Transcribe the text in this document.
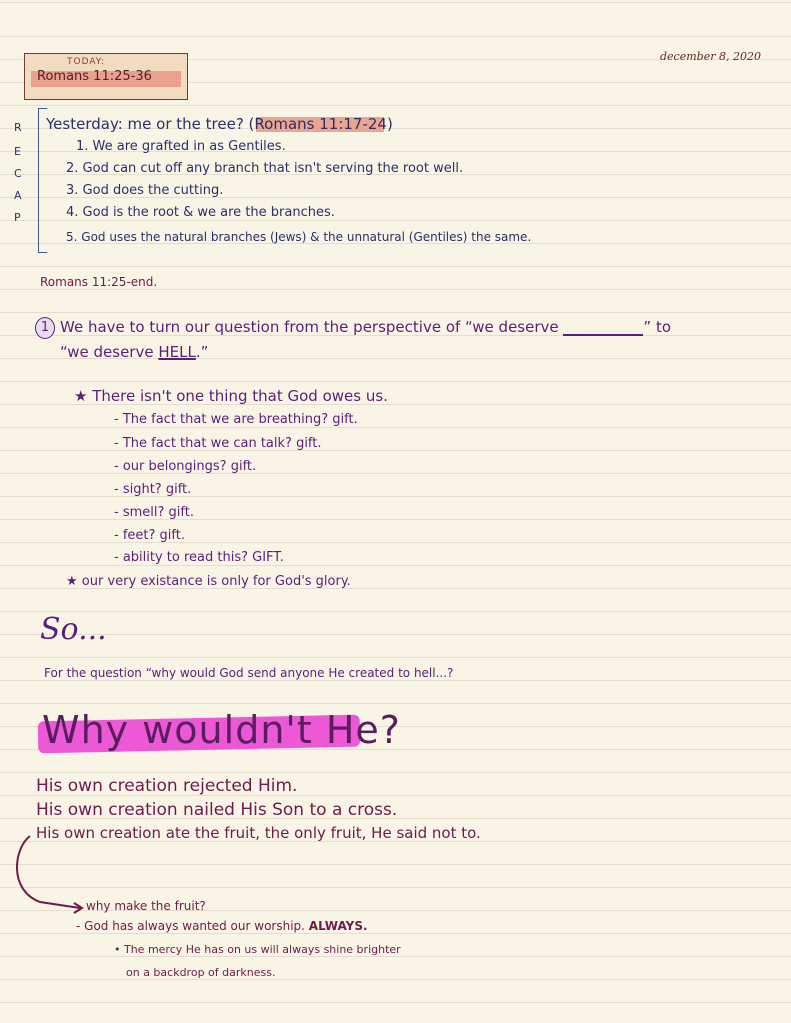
TODAY:
Romans 11:25-36
december 8, 2020
R
E
C
A
P
Yesterday: me or the tree? (Romans 11:17-24)
1. We are grafted in as Gentiles.
2. God can cut off any branch that isn't serving the root well.
3. God does the cutting.
4. God is the root & we are the branches.
5. God uses the natural branches (Jews) & the unnatural (Gentiles) the same.
Romans 11:25-end.
1 We have to turn our question from the perspective of “we deserve	” to
“we deserve HELL.”
★ There isn't one thing that God owes us.
- The fact that we are breathing? gift.
- The fact that we can talk? gift.
- our belongings? gift.
- sight? gift.
- smell? gift.
- feet? gift.
- ability to read this? GIFT.
★ our very existance is only for God's glory.
So...
For the question “why would God send anyone He created to hell...?
Why wouldn't He?
His own creation rejected Him.
His own creation nailed His Son to a cross.
His own creation ate the fruit, the only fruit, He said not to.
why make the fruit?
- God has always wanted our worship. ALWAYS.
• The mercy He has on us will always shine brighter
on a backdrop of darkness.
